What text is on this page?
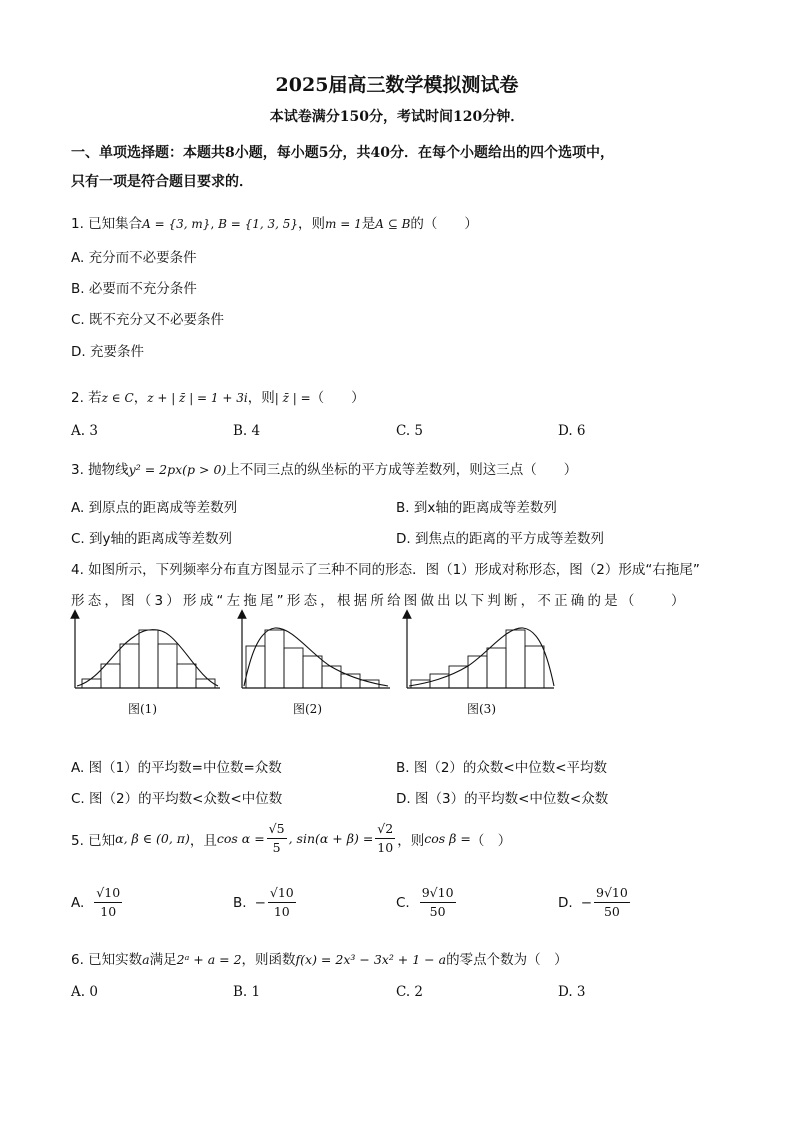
2025届高三数学模拟测试卷
本试卷满分150分，考试时间120分钟．
一、单项选择题：本题共8小题，每小题5分，共40分．在每个小题给出的四个选项中，
只有一项是符合题目要求的．
1. 已知集合A = {3, m}, B = {1, 3, 5}，则m = 1是A ⊆ B的（　　）
A. 充分而不必要条件
B. 必要而不充分条件
C. 既不充分又不必要条件
D. 充要条件
2. 若z ∈ C，z + | z̄ | = 1 + 3i，则| z̄ | =（　　）
A. 3	B. 4	C. 5	D. 6
3. 抛物线y² = 2px(p > 0)上不同三点的纵坐标的平方成等差数列，则这三点（　　）
A. 到原点的距离成等差数列	B. 到x轴的距离成等差数列
C. 到y轴的距离成等差数列	D. 到焦点的距离的平方成等差数列
4. 如图所示，下列频率分布直方图显示了三种不同的形态．图（1）形成对称形态，图（2）形成“右拖尾”
形态，图（3）形成“左拖尾”形态，根据所给图做出以下判断，不正确的是（　　）
图(1)	图(2)	图(3)
A. 图（1）的平均数=中位数=众数	B. 图（2）的众数<中位数<平均数
C. 图（2）的平均数<众数<中位数	D. 图（3）的平均数<中位数<众数
5. 已知 α, β ∈ (0, π) ，且 $\cos \alpha = \frac{√5}{5}$ , $\sin(\alpha + \beta) = \frac{√2}{10}$ ，则 cos β = （　）
A. $\frac{√10}{10}$	B. − $\frac{√10}{10}$	C. $\frac{9√10}{50}$	D. − $\frac{9√10}{50}$
6. 已知实数a满足2ᵃ + a = 2，则函数f(x) = 2x³ − 3x² + 1 − a的零点个数为（　）
A. 0	B. 1	C. 2	D. 3
